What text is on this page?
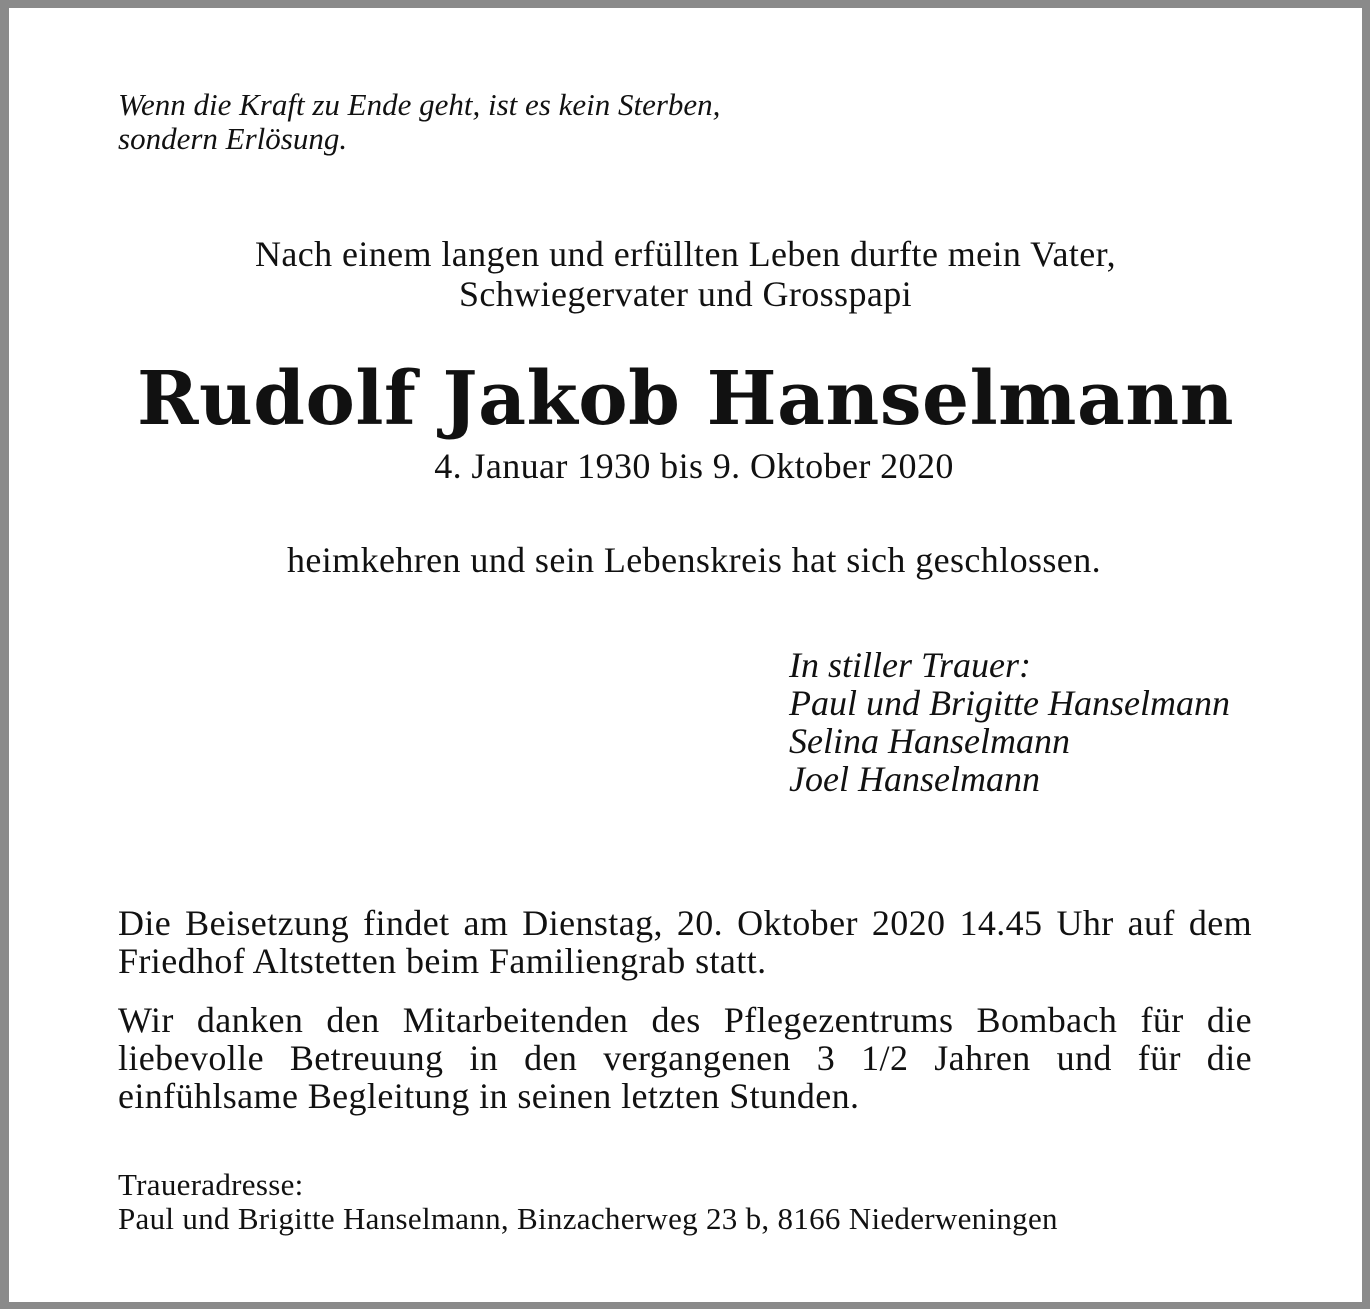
Wenn die Kraft zu Ende geht, ist es kein Sterben,
sondern Erlösung.
Nach einem langen und erfüllten Leben durfte mein Vater,
Schwiegervater und Grosspapi
Rudolf Jakob Hanselmann
4. Januar 1930 bis 9. Oktober 2020
heimkehren und sein Lebenskreis hat sich geschlossen.
In stiller Trauer:
Paul und Brigitte Hanselmann
Selina Hanselmann
Joel Hanselmann
Die Beisetzung findet am Dienstag, 20. Oktober 2020 14.45 Uhr auf dem Friedhof Altstetten beim Familiengrab statt.
Wir danken den Mitarbeitenden des Pflegezentrums Bombach für die liebevolle Betreuung in den vergangenen 3 1/2 Jahren und für die einfühlsame Begleitung in seinen letzten Stunden.
Traueradresse:
Paul und Brigitte Hanselmann, Binzacherweg 23 b, 8166 Niederweningen
